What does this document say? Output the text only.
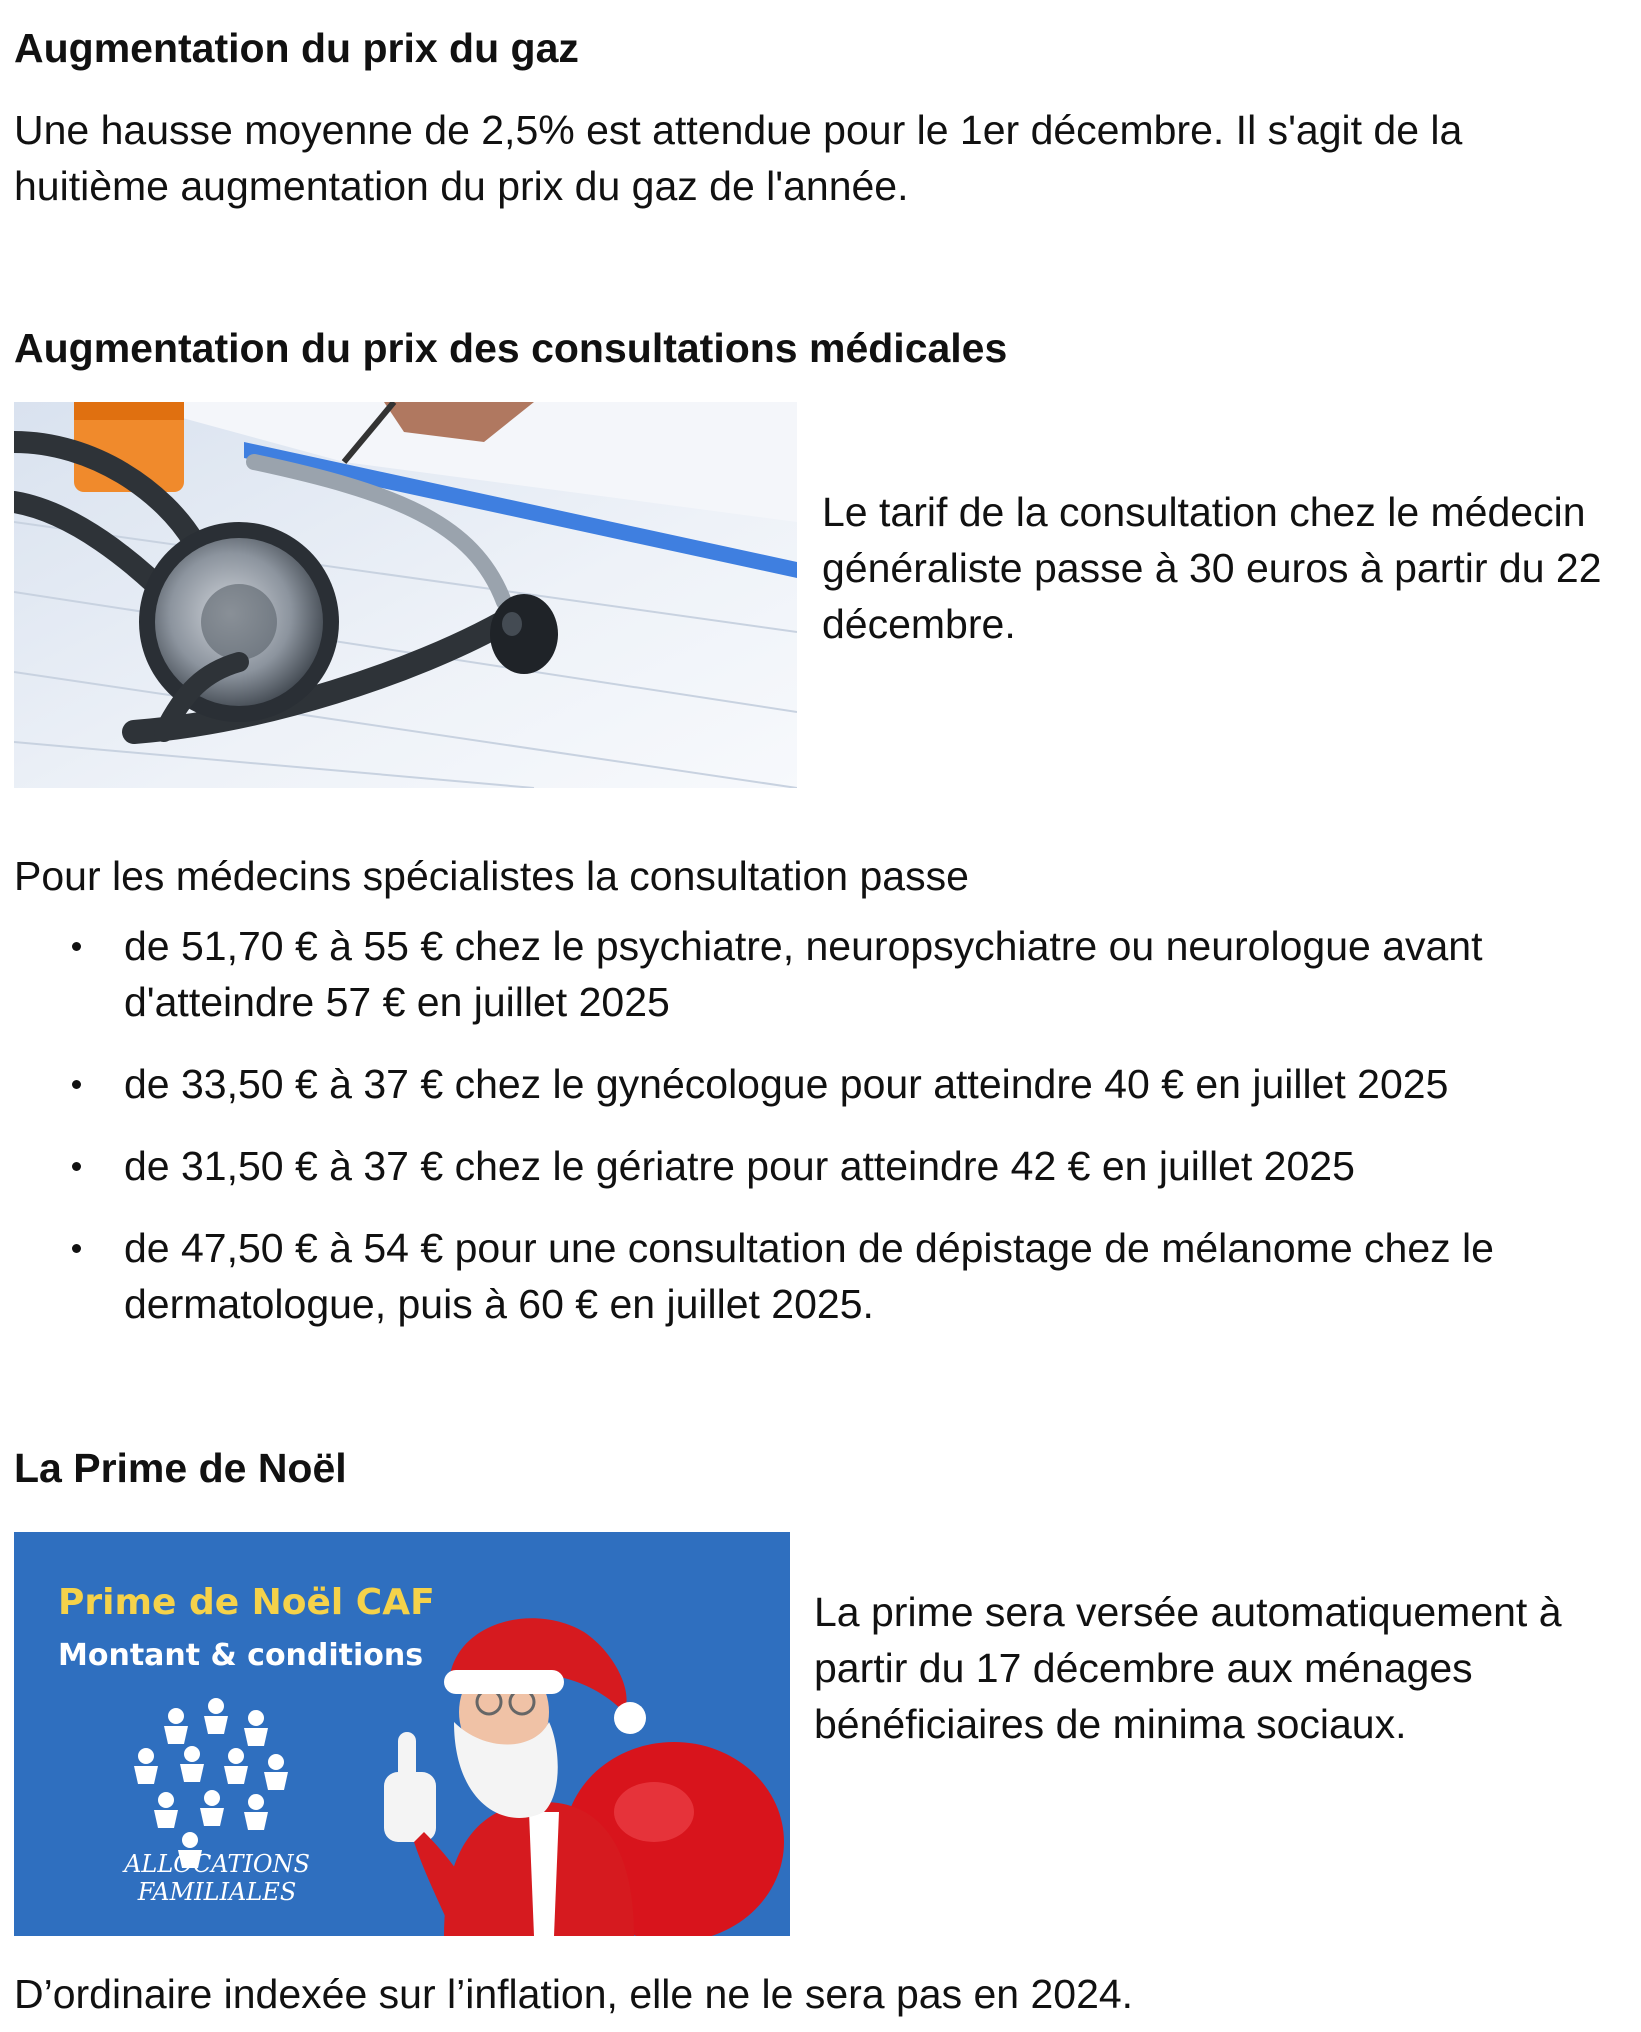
Augmentation du prix du gaz

Une hausse moyenne de 2,5% est attendue pour le 1er décembre. Il s'agit de la huitième augmentation du prix du gaz de l'année.

Augmentation du prix des consultations médicales

Le tarif de la consultation chez le médecin généraliste passe à 30 euros à partir du 22 décembre.

Pour les médecins spécialistes la consultation passe

de 51,70 € à 55 € chez le psychiatre, neuropsychiatre ou neurologue avant d'atteindre 57 € en juillet 2025
de 33,50 € à 37 € chez le gynécologue pour atteindre 40 € en juillet 2025
de 31,50 € à 37 € chez le gériatre pour atteindre 42 € en juillet 2025
de 47,50 € à 54 € pour une consultation de dépistage de mélanome chez le dermatologue, puis à 60 € en juillet 2025.
La Prime de Noël
Prime de Noël CAF
Montant & conditions
ALLOCATIONS
FAMILIALES

La prime sera versée automatiquement à partir du 17 décembre aux ménages bénéficiaires de minima sociaux.

D’ordinaire indexée sur l’inflation, elle ne le sera pas en 2024.
